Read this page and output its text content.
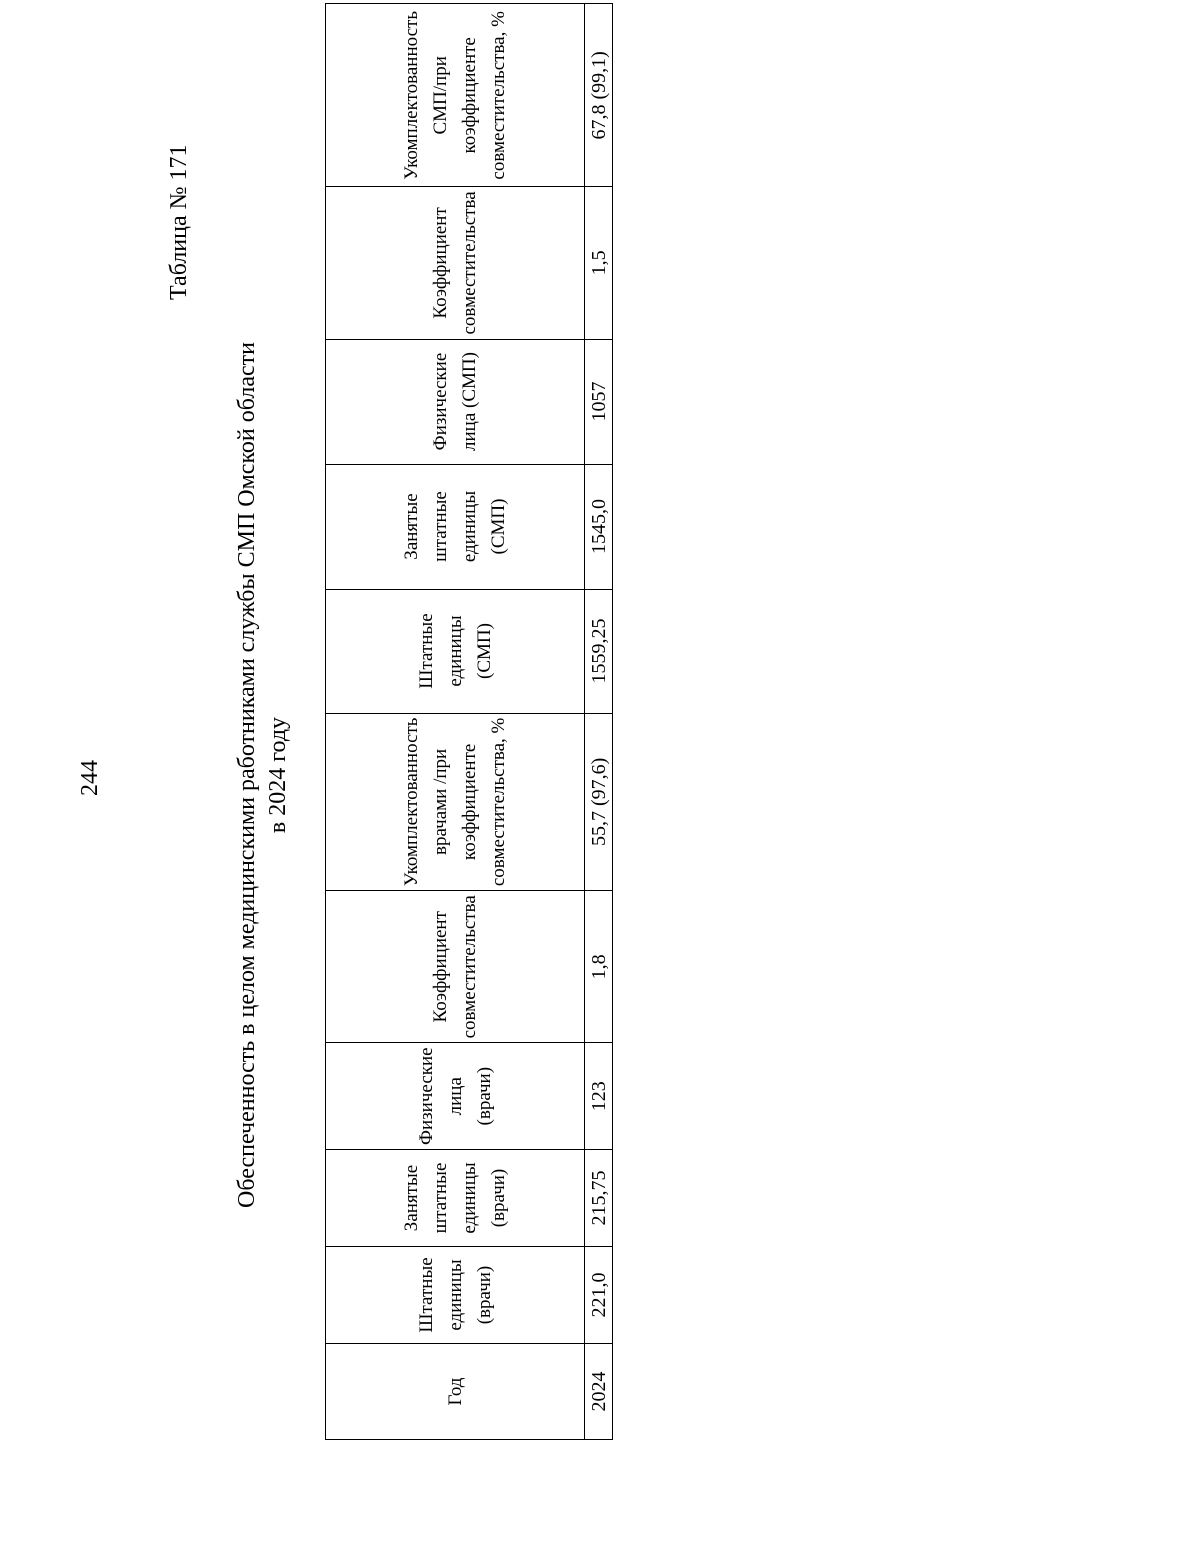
244
Таблица № 171
Обеспеченность в целом медицинскими работниками службы СМП Омской области в 2024 году
Год	Штатные единицы (врачи)	Занятые штатные единицы (врачи)	Физические лица (врачи)	Коэффициент совместительства	Укомплектованность врачами /при коэффициенте совместительства, %	Штатные единицы (СМП)	Занятые штатные единицы (СМП)	Физические лица (СМП)	Коэффициент совместительства	Укомплектованность СМП/при коэффициенте совместительства, %
2024	221,0	215,75	123	1,8	55,7 (97,6)	1559,25	1545,0	1057	1,5	67,8 (99,1)
